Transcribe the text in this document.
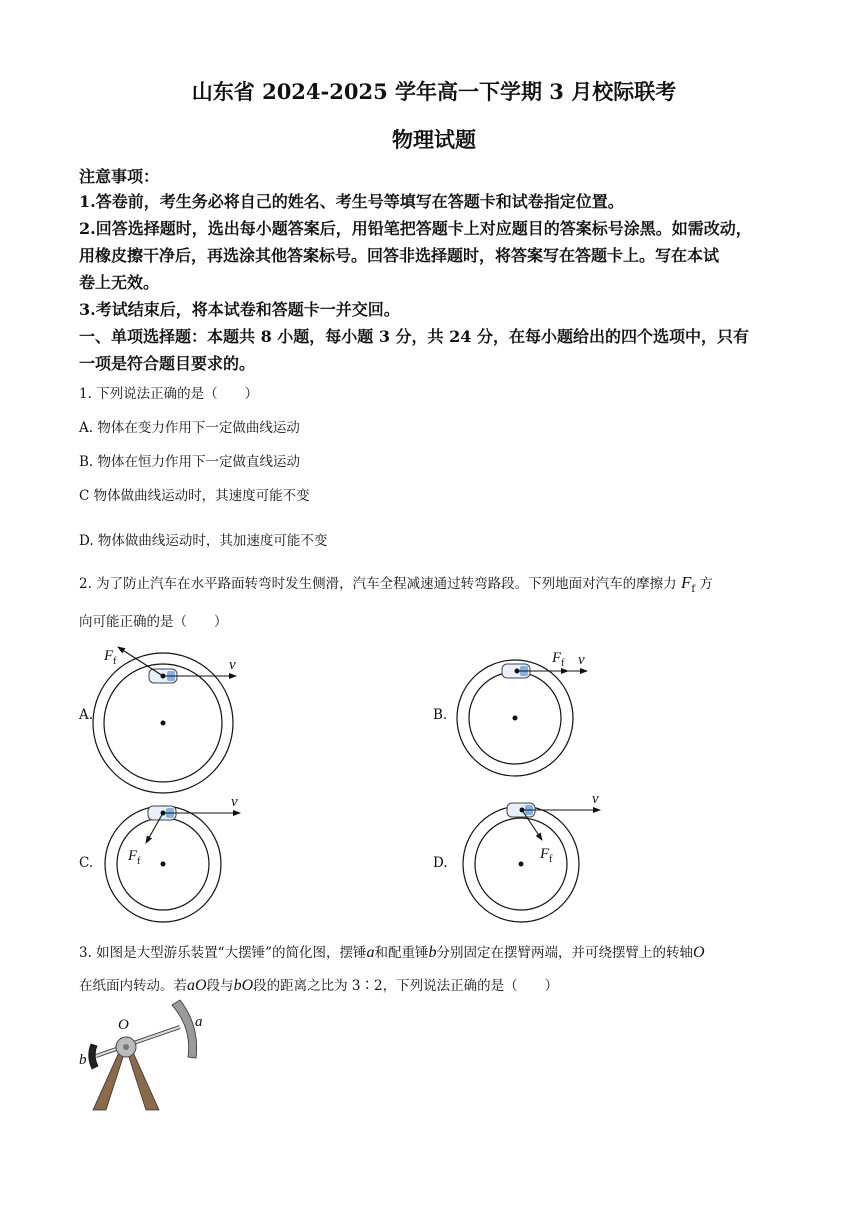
山东省 2024-2025 学年高一下学期 3 月校际联考
物理试题
注意事项：
1.答卷前，考生务必将自己的姓名、考生号等填写在答题卡和试卷指定位置。
2.回答选择题时，选出每小题答案后，用铅笔把答题卡上对应题目的答案标号涂黑。如需改动，
用橡皮擦干净后，再选涂其他答案标号。回答非选择题时，将答案写在答题卡上。写在本试
卷上无效。
3.考试结束后，将本试卷和答题卡一并交回。
一、单项选择题：本题共 8 小题，每小题 3 分，共 24 分，在每小题给出的四个选项中，只有
一项是符合题目要求的。
1. 下列说法正确的是（　　）
A. 物体在变力作用下一定做曲线运动
B. 物体在恒力作用下一定做直线运动
C 物体做曲线运动时，其速度可能不变
D. 物体做曲线运动时，其加速度可能不变
2. 为了防止汽车在水平路面转弯时发生侧滑，汽车全程减速通过转弯路段。下列地面对汽车的摩擦力 $F_f$ 方
向可能正确的是（　　）
A.	B.
C.	D.
$F_f$	v	$F_f$ v
$F_f$
v
$F_f$
v
3. 如图是大型游乐装置“大摆锤”的简化图，摆锤a和配重锤b分别固定在摆臂两端，并可绕摆臂上的转轴O
在纸面内转动。若aO段与bO段的距离之比为 3∶2，下列说法正确的是（　　）
O	a
b
